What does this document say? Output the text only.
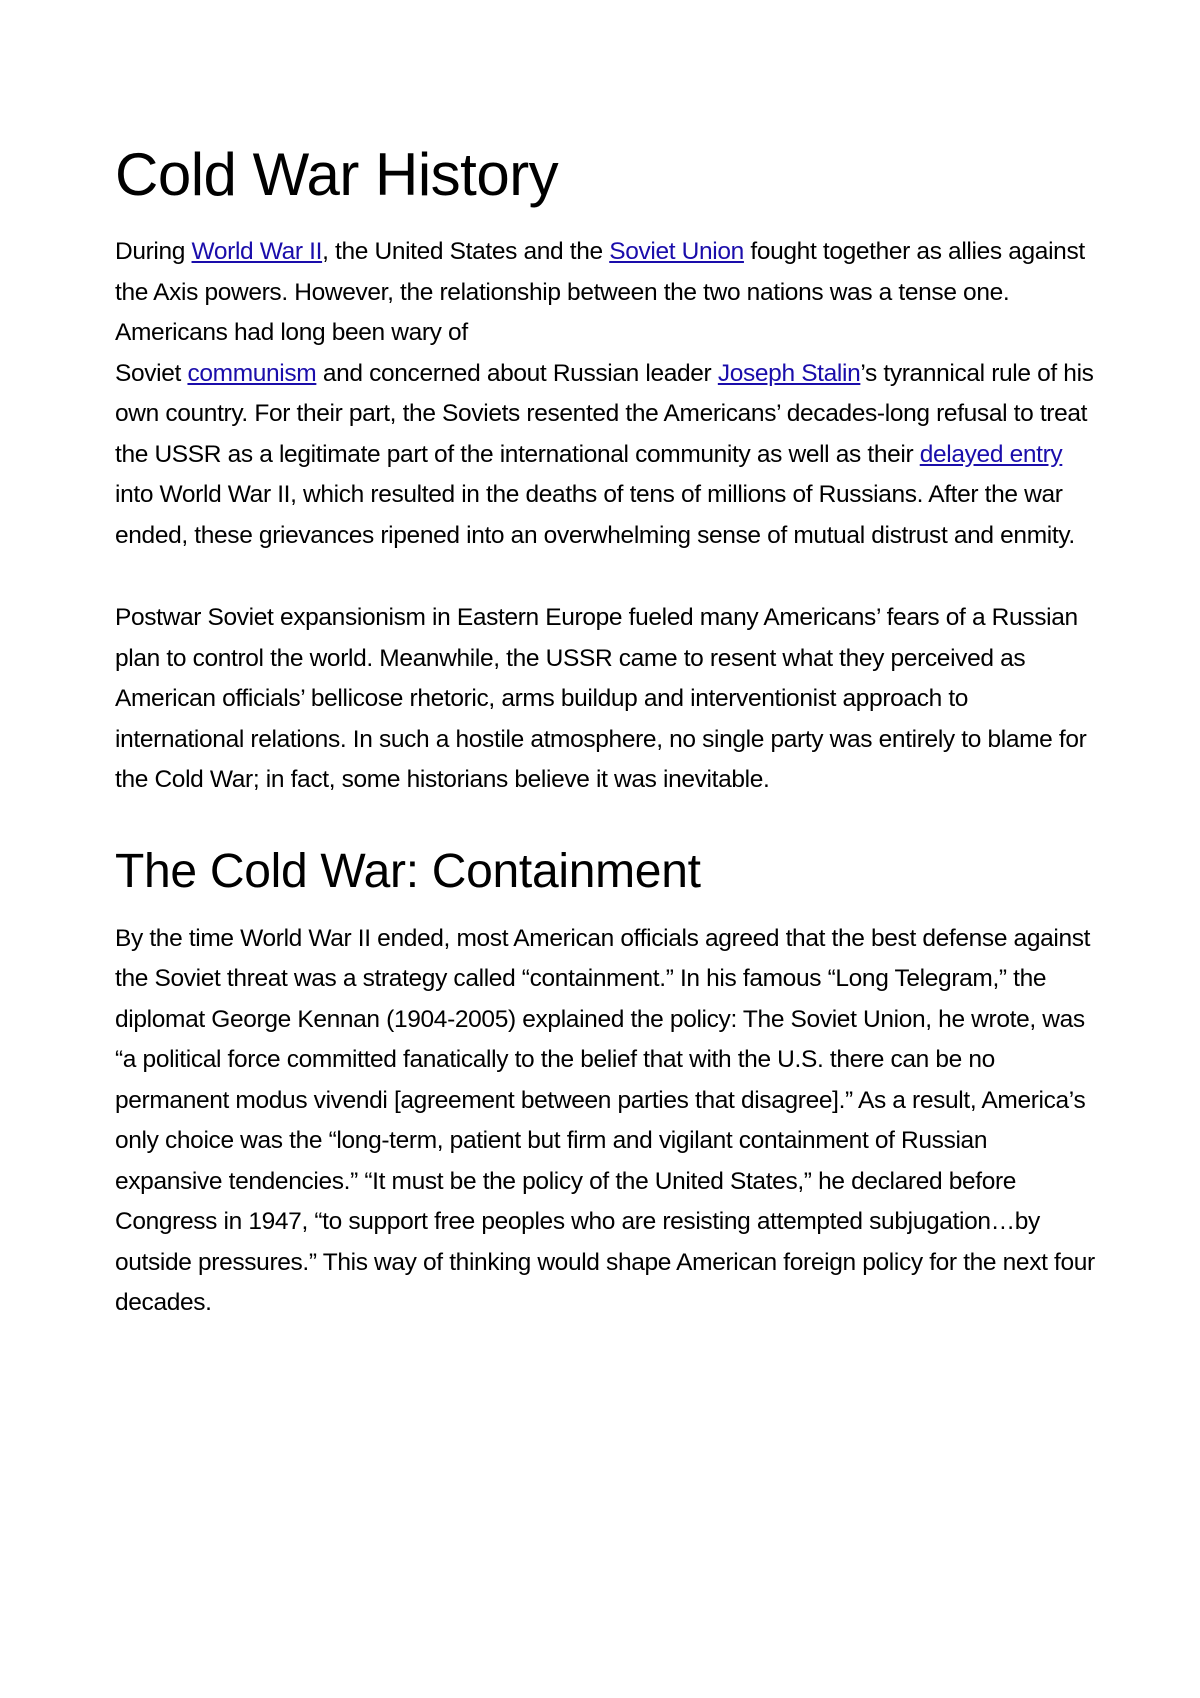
Cold War History

During World War II, the United States and the Soviet Union fought together as allies against the Axis powers. However, the relationship between the two nations was a tense one. Americans had long been wary of
Soviet communism and concerned about Russian leader Joseph Stalin’s tyrannical rule of his own country. For their part, the Soviets resented the Americans’ decades-long refusal to treat the USSR as a legitimate part of the international community as well as their delayed entry into World War II, which resulted in the deaths of tens of millions of Russians. After the war ended, these grievances ripened into an overwhelming sense of mutual distrust and enmity.

Postwar Soviet expansionism in Eastern Europe fueled many Americans’ fears of a Russian plan to control the world. Meanwhile, the USSR came to resent what they perceived as American officials’ bellicose rhetoric, arms buildup and interventionist approach to international relations. In such a hostile atmosphere, no single party was entirely to blame for the Cold War; in fact, some historians believe it was inevitable.

The Cold War: Containment

By the time World War II ended, most American officials agreed that the best defense against the Soviet threat was a strategy called “containment.” In his famous “Long Telegram,” the diplomat George Kennan (1904-2005) explained the policy: The Soviet Union, he wrote, was “a political force committed fanatically to the belief that with the U.S. there can be no permanent modus vivendi [agreement between parties that disagree].” As a result, America’s only choice was the “long-term, patient but firm and vigilant containment of Russian expansive tendencies.” “It must be the policy of the United States,” he declared before Congress in 1947, “to support free peoples who are resisting attempted subjugation…by outside pressures.” This way of thinking would shape American foreign policy for the next four decades.
